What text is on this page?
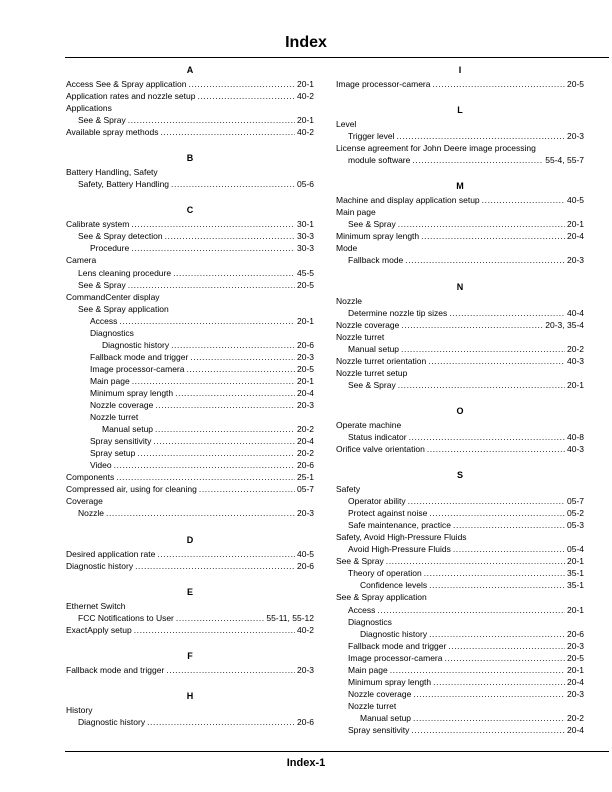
Index
A
Access See & Spray application .....	20-1
Application rates and nozzle setup .....	40-2
Applications
See & Spray .....	20-1
Available spray methods .....	40-2
B
Battery Handling, Safety
Safety, Battery Handling .....	05-6
C
Calibrate system .....	30-1
See & Spray detection .....	30-3
Procedure .....	30-3
Camera
Lens cleaning procedure .....	45-5
See & Spray .....	20-5
CommandCenter display
See & Spray application
Access .....	20-1
Diagnostics
Diagnostic history .....	20-6
Fallback mode and trigger .....	20-3
Image processor-camera .....	20-5
Main page .....	20-1
Minimum spray length .....	20-4
Nozzle coverage .....	20-3
Nozzle turret
Manual setup .....	20-2
Spray sensitivity .....	20-4
Spray setup .....	20-2
Video .....	20-6
Components .....	25-1
Compressed air, using for cleaning .....	05-7
Coverage
Nozzle .....	20-3
D
Desired application rate .....	40-5
Diagnostic history .....	20-6
E
Ethernet Switch
FCC Notifications to User .....	55-11, 55-12
ExactApply setup .....	40-2
F
Fallback mode and trigger .....	20-3
H
History
Diagnostic history .....	20-6
I
Image processor-camera .....	20-5
L
Level
Trigger level .....	20-3
License agreement for John Deere image processing
module software .....	55-4, 55-7
M
Machine and display application setup .....	40-5
Main page
See & Spray .....	20-1
Minimum spray length .....	20-4
Mode
Fallback mode .....	20-3
N
Nozzle
Determine nozzle tip sizes .....	40-4
Nozzle coverage .....	20-3, 35-4
Nozzle turret
Manual setup .....	20-2
Nozzle turret orientation .....	40-3
Nozzle turret setup
See & Spray .....	20-1
O
Operate machine
Status indicator .....	40-8
Orifice valve orientation .....	40-3
S
Safety
Operator ability .....	05-7
Protect against noise .....	05-2
Safe maintenance, practice .....	05-3
Safety, Avoid High-Pressure Fluids
Avoid High-Pressure Fluids .....	05-4
See & Spray .....	20-1
Theory of operation .....	35-1
Confidence levels .....	35-1
See & Spray application
Access .....	20-1
Diagnostics
Diagnostic history .....	20-6
Fallback mode and trigger .....	20-3
Image processor-camera .....	20-5
Main page .....	20-1
Minimum spray length .....	20-4
Nozzle coverage .....	20-3
Nozzle turret
Manual setup .....	20-2
Spray sensitivity .....	20-4
Index-1
